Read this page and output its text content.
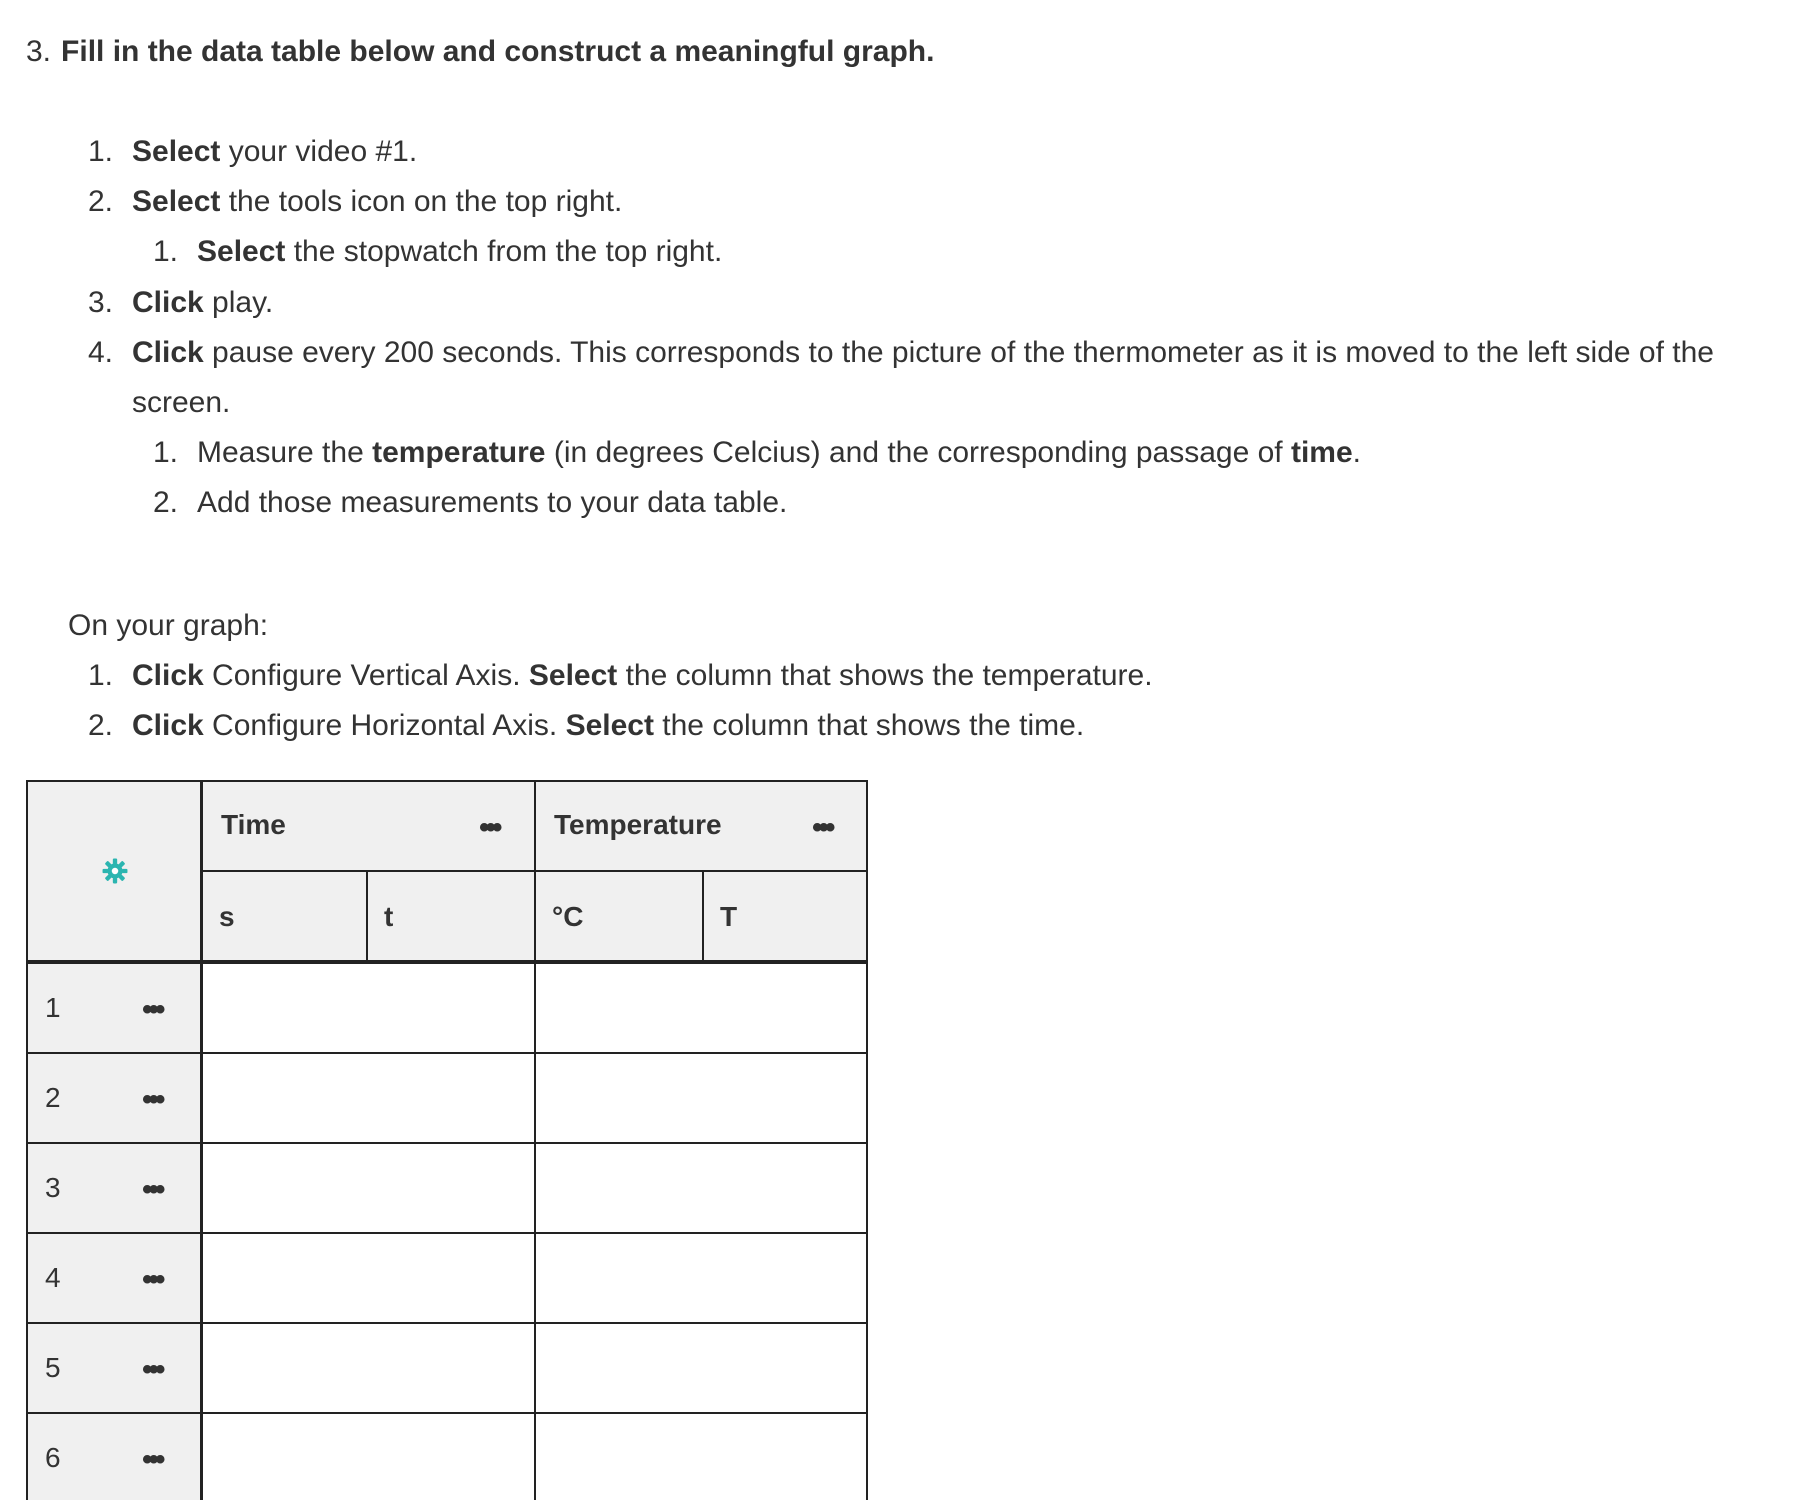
3. Fill in the data table below and construct a meaningful graph.
1. Select your video #1.
2. Select the tools icon on the top right.
1. Select the stopwatch from the top right.
3. Click play.
4. Click pause every 200 seconds. This corresponds to the picture of the thermometer as it is moved to the left side of the
screen.
1. Measure the temperature (in degrees Celcius) and the corresponding passage of time.
2. Add those measurements to your data table.
On your graph:
1. Click Configure Vertical Axis. Select the column that shows the temperature.
2. Click Configure Horizontal Axis. Select the column that shows the time.
Time	••• Temperature	•••
s	t	°C	T
1	•••
2	•••
3	•••
4	•••
5	•••
6	•••
